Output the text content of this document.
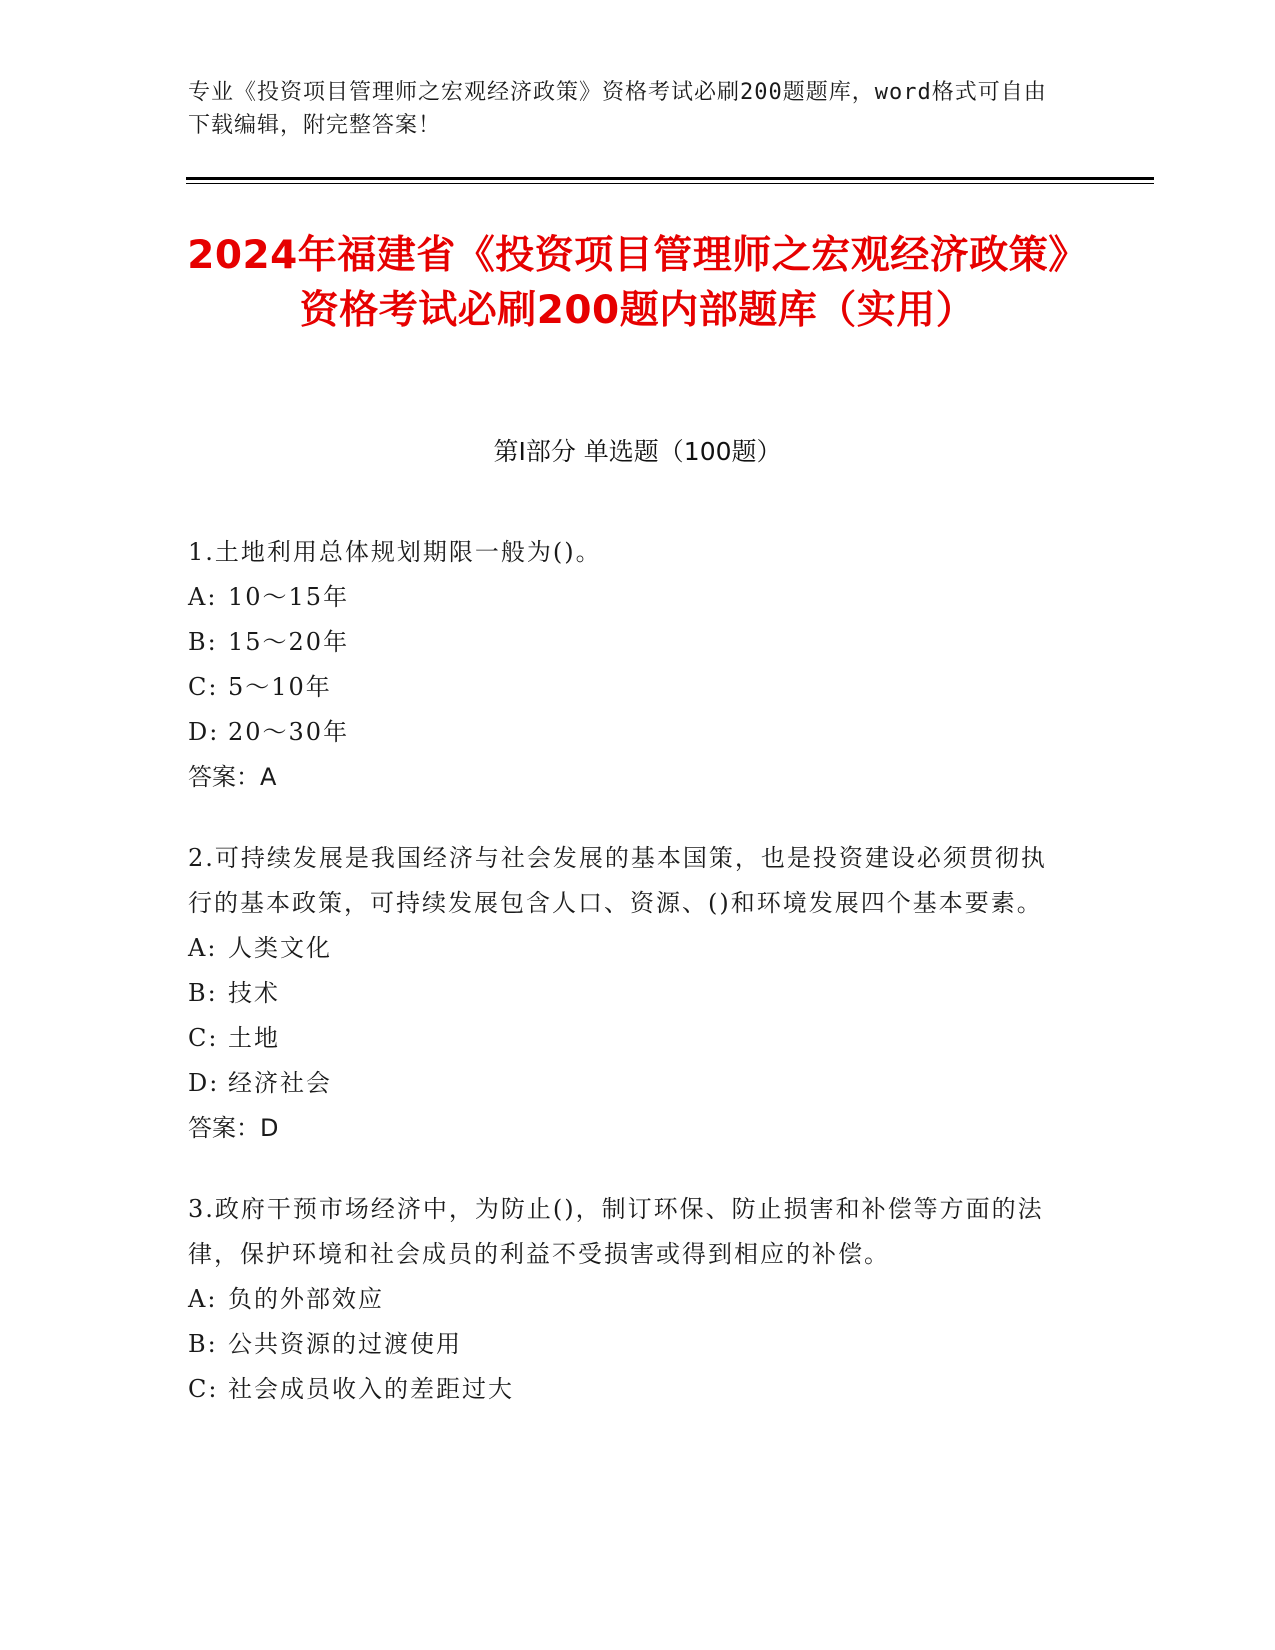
专业《投资项目管理师之宏观经济政策》资格考试必刷200题题库，word格式可自由下载编辑，附完整答案！
2024年福建省《投资项目管理师之宏观经济政策》资格考试必刷200题内部题库（实用）
第I部分 单选题（100题）
1.土地利用总体规划期限一般为()。
A: 10～15年
B: 15～20年
C: 5～10年
D: 20～30年
答案：A
2.可持续发展是我国经济与社会发展的基本国策，也是投资建设必须贯彻执行的基本政策，可持续发展包含人口、资源、()和环境发展四个基本要素。
A: 人类文化
B: 技术
C: 土地
D: 经济社会
答案：D
3.政府干预市场经济中，为防止()，制订环保、防止损害和补偿等方面的法律，保护环境和社会成员的利益不受损害或得到相应的补偿。
A: 负的外部效应
B: 公共资源的过渡使用
C: 社会成员收入的差距过大
